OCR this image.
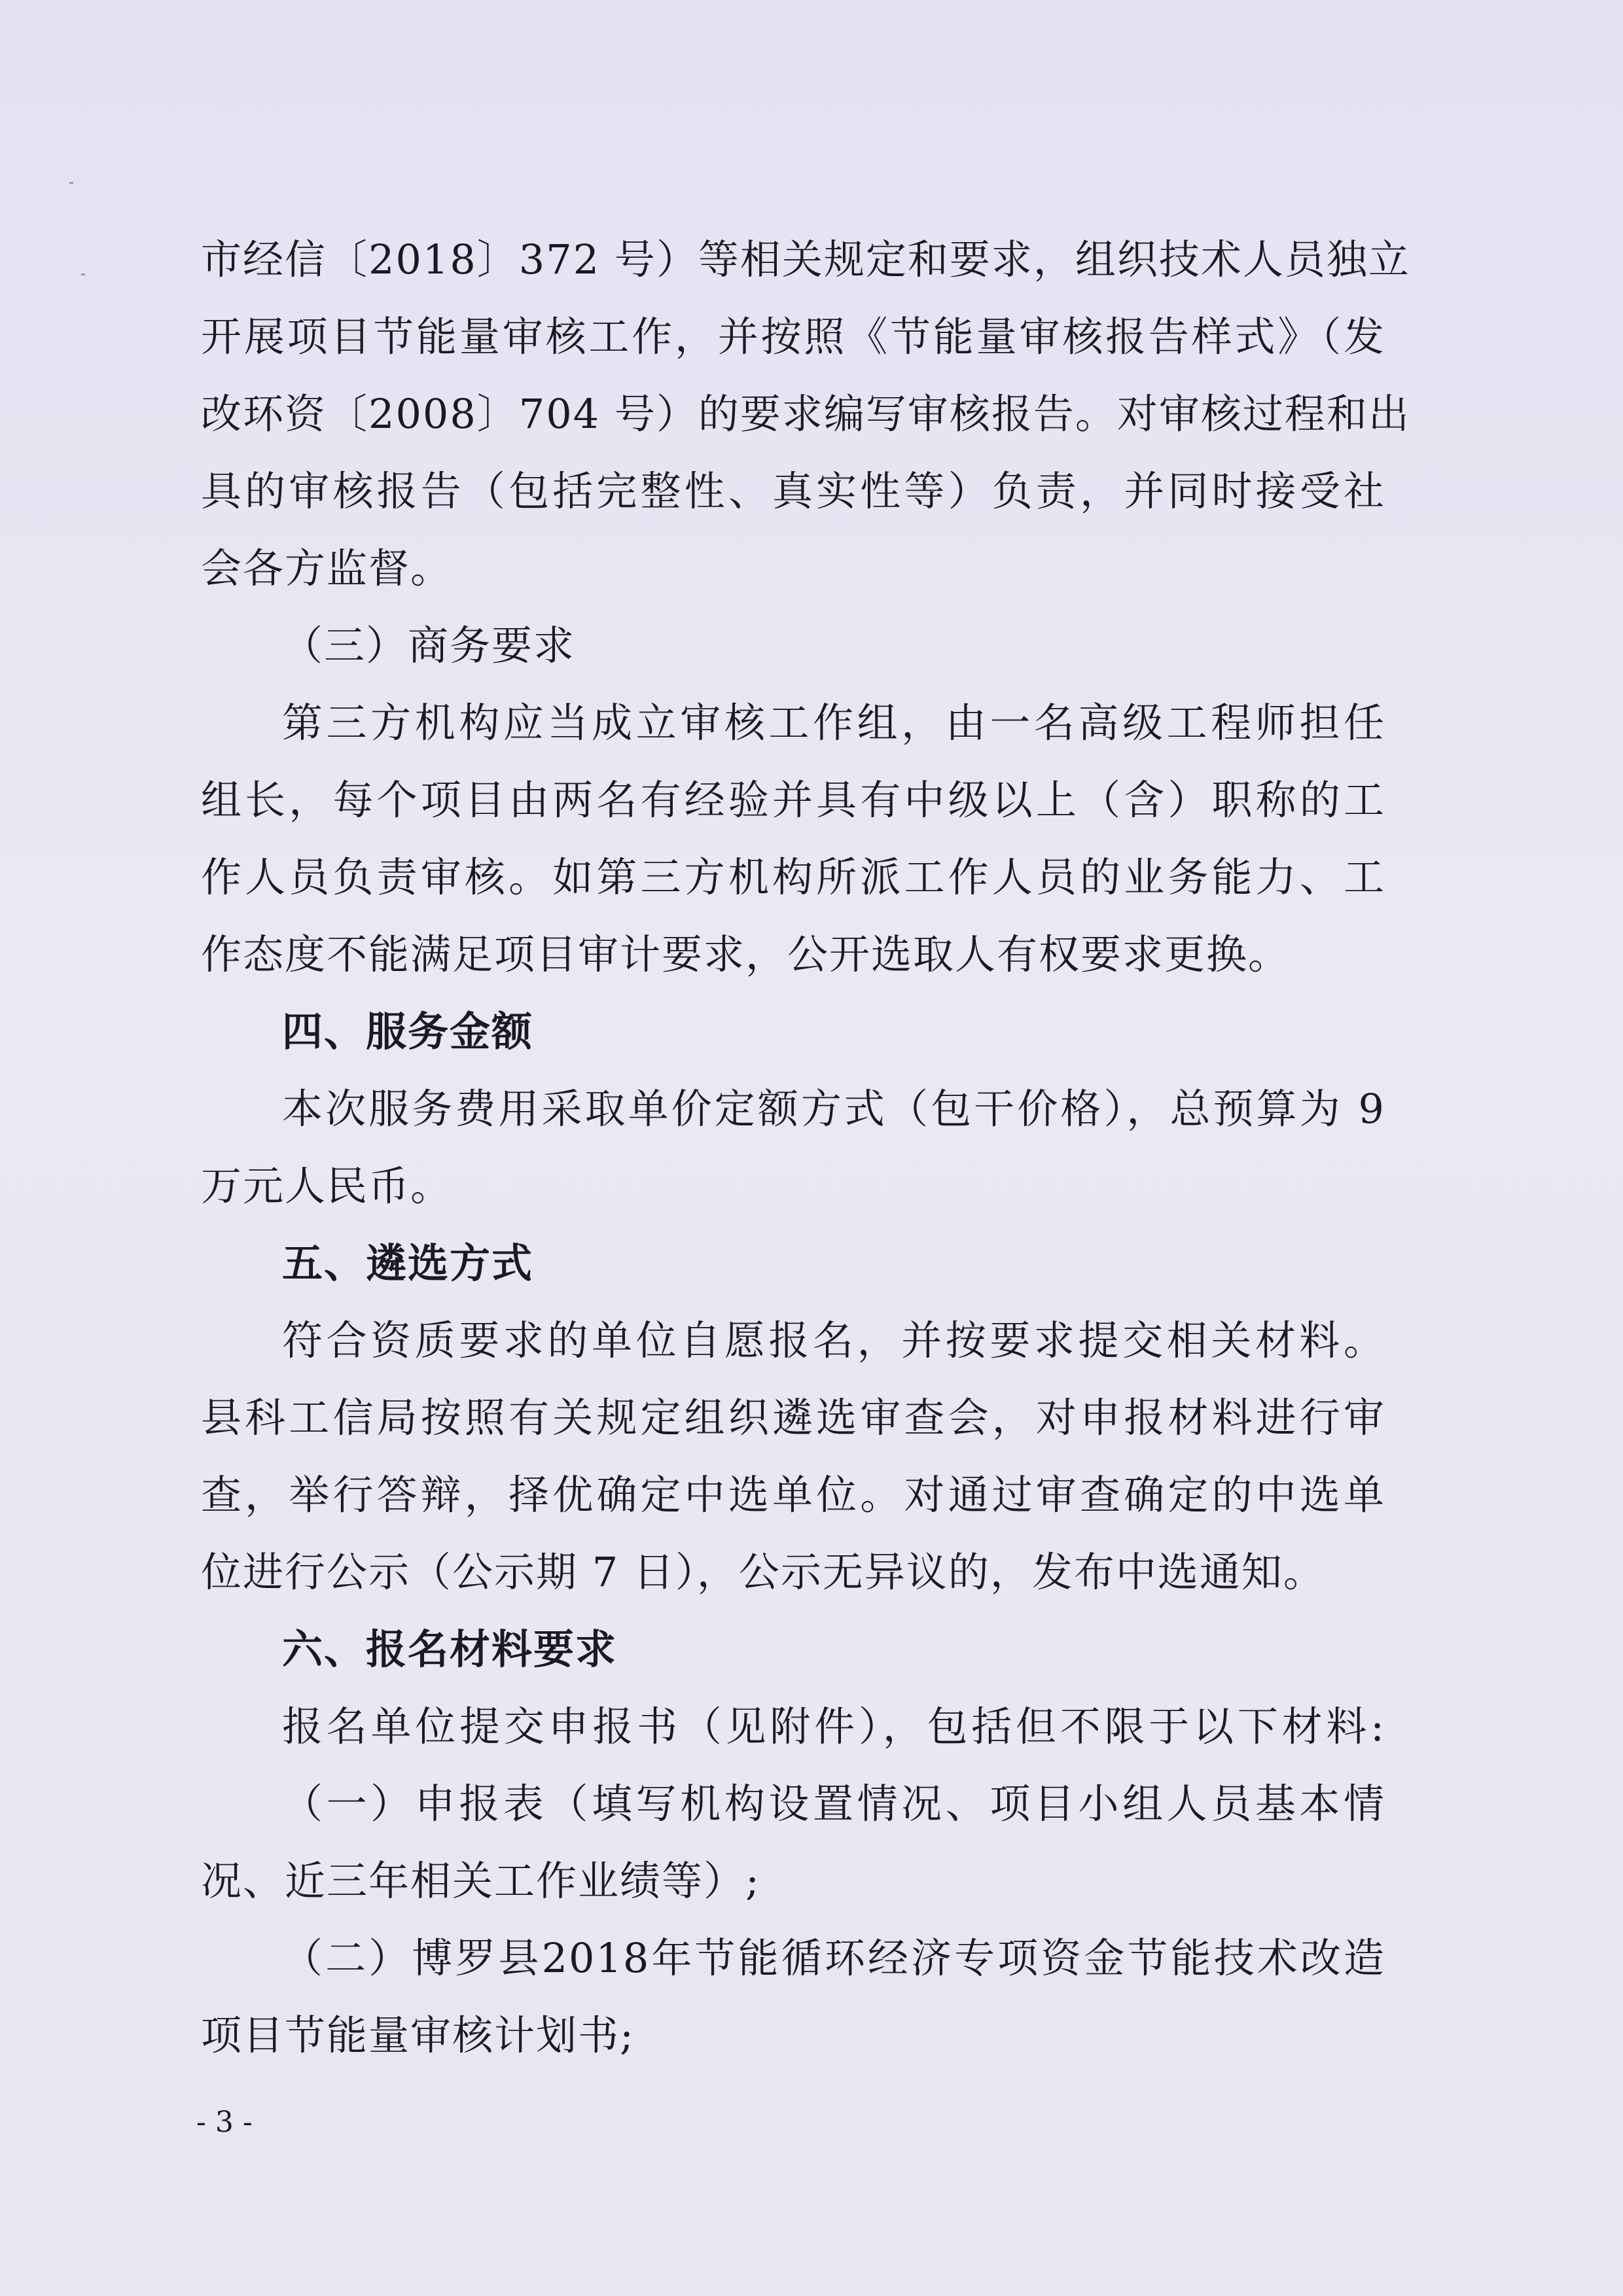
市经信〔2018〕372 号）等相关规定和要求，组织技术人员独立
开展项目节能量审核工作，并按照《节能量审核报告样式》（发
改环资〔2008〕704 号）的要求编写审核报告。对审核过程和出
具的审核报告（包括完整性、真实性等）负责，并同时接受社
会各方监督。
（三）商务要求
第三方机构应当成立审核工作组，由一名高级工程师担任
组长，每个项目由两名有经验并具有中级以上（含）职称的工
作人员负责审核。如第三方机构所派工作人员的业务能力、工
作态度不能满足项目审计要求，公开选取人有权要求更换。
四、服务金额
本次服务费用采取单价定额方式（包干价格），总预算为 9
万元人民币。
五、遴选方式
符合资质要求的单位自愿报名，并按要求提交相关材料。
县科工信局按照有关规定组织遴选审查会，对申报材料进行审
查，举行答辩，择优确定中选单位。对通过审查确定的中选单
位进行公示（公示期 7 日），公示无异议的，发布中选通知。
六、报名材料要求
报名单位提交申报书（见附件），包括但不限于以下材料:
（一）申报表（填写机构设置情况、项目小组人员基本情
况、近三年相关工作业绩等）;
（二）博罗县2018年节能循环经济专项资金节能技术改造
项目节能量审核计划书;
- 3 -
